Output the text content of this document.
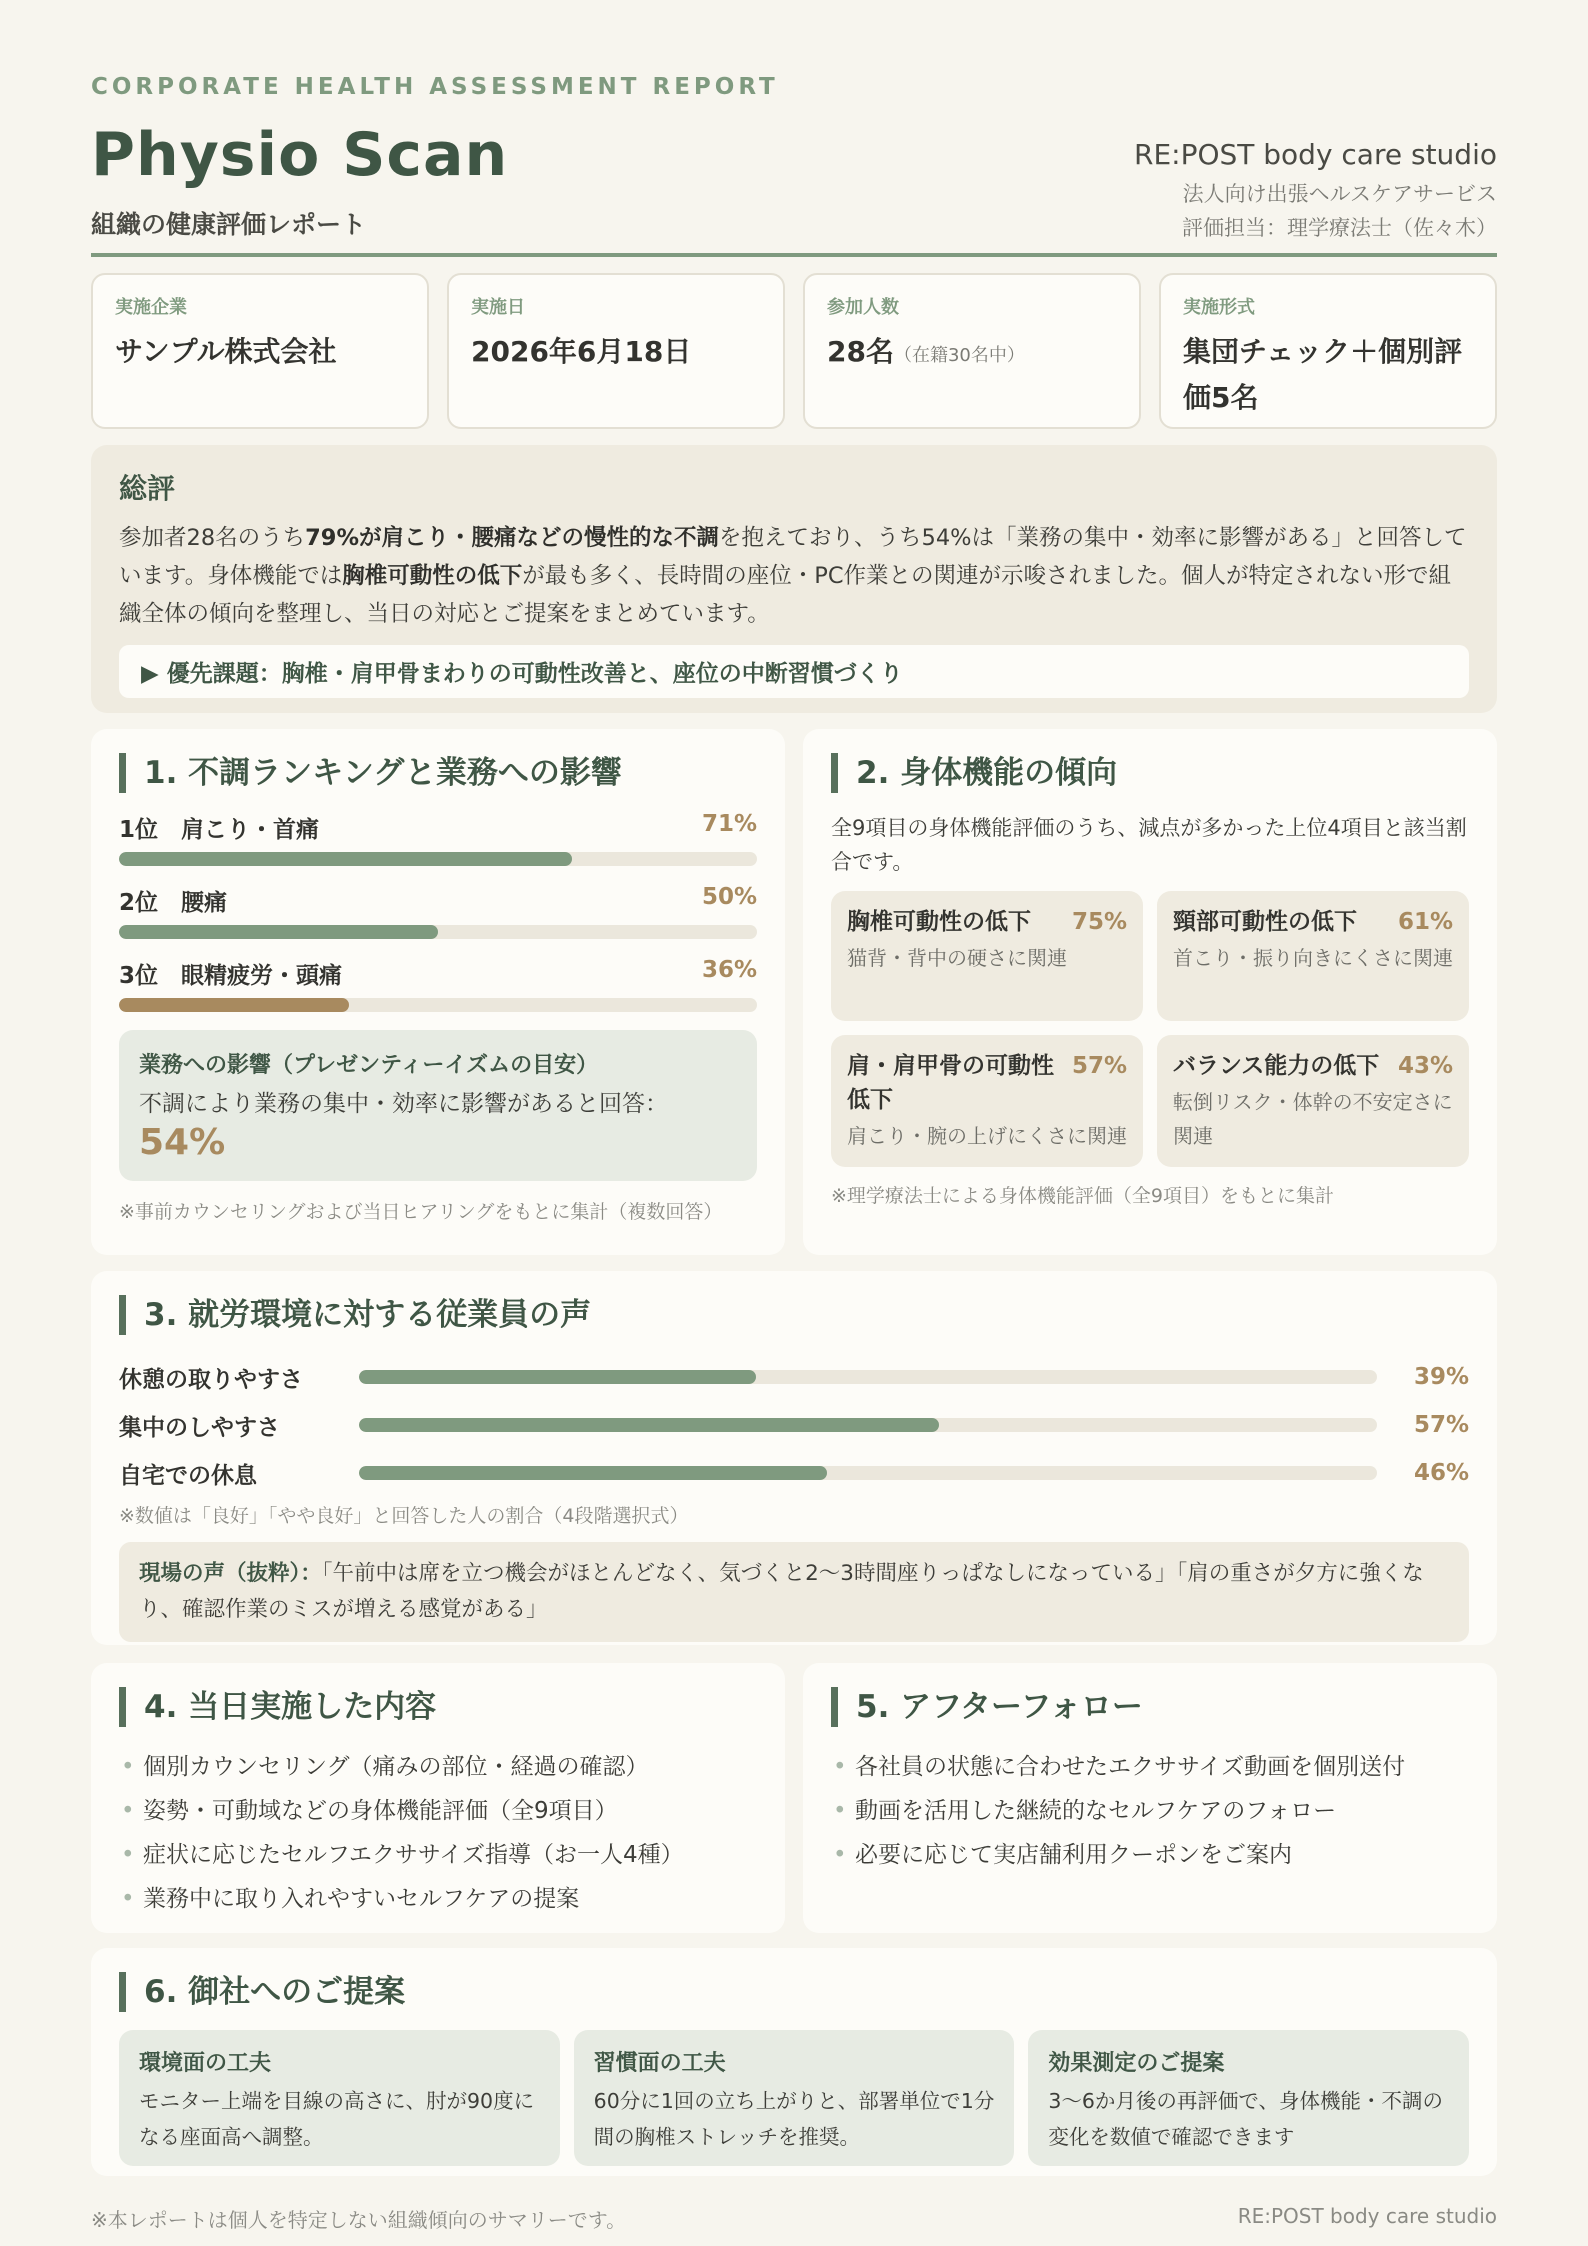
CORPORATE HEALTH ASSESSMENT REPORT
Physio Scan
組織の健康評価レポート
RE:POST body care studio
法人向け出張ヘルスケアサービス
評価担当：理学療法士（佐々木）
実施企業
サンプル株式会社
実施日
2026年6月18日
参加人数
28名（在籍30名中）
実施形式
集団チェック＋個別評価5名
総評

参加者28名のうち79%が肩こり・腰痛などの慢性的な不調を抱えており、うち54%は「業務の集中・効率に影響がある」と回答しています。身体機能では胸椎可動性の低下が最も多く、長時間の座位・PC作業との関連が示唆されました。個人が特定されない形で組織全体の傾向を整理し、当日の対応とご提案をまとめています。

▶ 優先課題：胸椎・肩甲骨まわりの可動性改善と、座位の中断習慣づくり
1. 不調ランキングと業務への影響
1位　肩こり・首痛	71%
2位　腰痛	50%
3位　眼精疲労・頭痛	36%
業務への影響（プレゼンティーイズムの目安）
不調により業務の集中・効率に影響があると回答：
54%
※事前カウンセリングおよび当日ヒアリングをもとに集計（複数回答）
2. 身体機能の傾向
全9項目の身体機能評価のうち、減点が多かった上位4項目と該当割合です。
胸椎可動性の低下 75%
猫背・背中の硬さに関連
頸部可動性の低下 61%
首こり・振り向きにくさに関連
肩・肩甲骨の可動性低下
57%
肩こり・腕の上げにくさに関連
バランス能力の低下 43%
転倒リスク・体幹の不安定さに関連
※理学療法士による身体機能評価（全9項目）をもとに集計
3. 就労環境に対する従業員の声
休憩の取りやすさ	39%
集中のしやすさ	57%
自宅での休息	46%
※数値は「良好」「やや良好」と回答した人の割合（4段階選択式）
現場の声（抜粋）：「午前中は席を立つ機会がほとんどなく、気づくと2〜3時間座りっぱなしになっている」「肩の重さが夕方に強くなり、確認作業のミスが増える感覚がある」
4. 当日実施した内容
• 個別カウンセリング（痛みの部位・経過の確認）
• 姿勢・可動域などの身体機能評価（全9項目）
• 症状に応じたセルフエクササイズ指導（お一人4種）
• 業務中に取り入れやすいセルフケアの提案
5. アフターフォロー
• 各社員の状態に合わせたエクササイズ動画を個別送付
• 動画を活用した継続的なセルフケアのフォロー
• 必要に応じて実店舗利用クーポンをご案内
6. 御社へのご提案
環境面の工夫
モニター上端を目線の高さに、肘が90度になる座面高へ調整。
習慣面の工夫
60分に1回の立ち上がりと、部署単位で1分間の胸椎ストレッチを推奨。
効果測定のご提案
3〜6か月後の再評価で、身体機能・不調の変化を数値で確認できます
※本レポートは個人を特定しない組織傾向のサマリーです。	RE:POST body care studio
